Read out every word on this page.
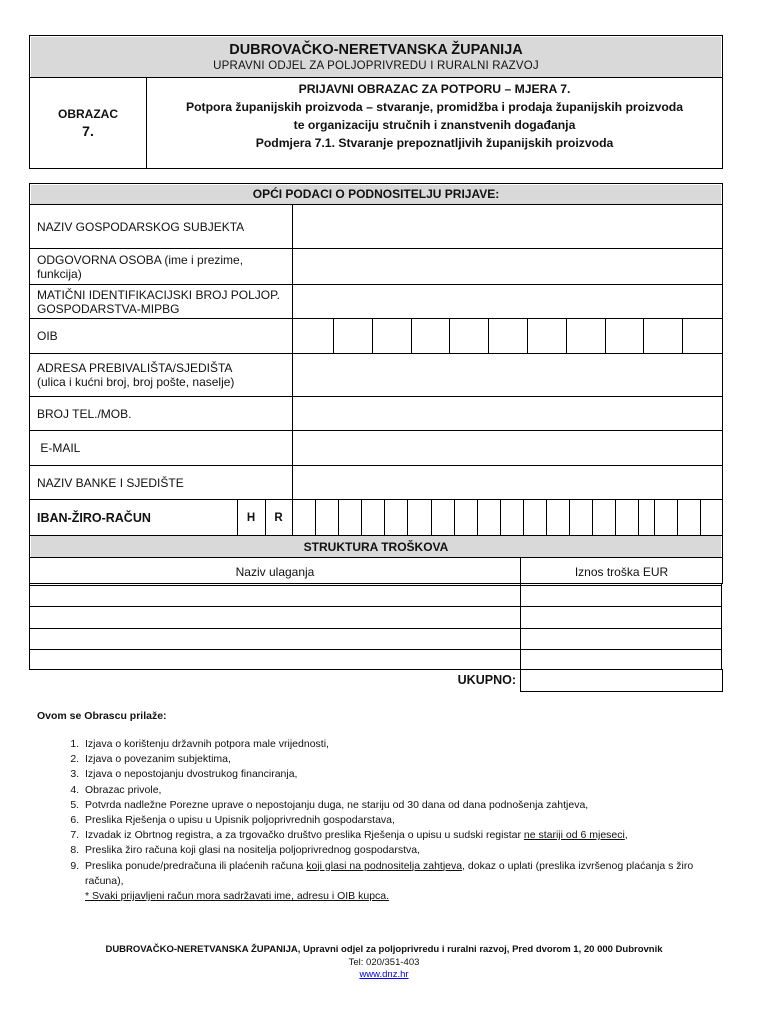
DUBROVAČKO-NERETVANSKA ŽUPANIJA
UPRAVNI ODJEL ZA POLJOPRIVREDU I RURALNI RAZVOJ
OBRAZAC
7.
PRIJAVNI OBRAZAC ZA POTPORU – MJERA 7.
Potpora županijskih proizvoda – stvaranje, promidžba i prodaja županijskih proizvoda
te organizaciju stručnih i znanstvenih događanja
Podmjera 7.1. Stvaranje prepoznatljivih županijskih proizvoda
OPĆI PODACI O PODNOSITELJU PRIJAVE:
NAZIV GOSPODARSKOG SUBJEKTA
ODGOVORNA OSOBA (ime i prezime,
funkcija)
MATIČNI IDENTIFIKACIJSKI BROJ POLJOP.
GOSPODARSTVA-MIPBG
OIB
ADRESA PREBIVALIŠTA/SJEDIŠTA
(ulica i kućni broj, broj pošte, naselje)
BROJ TEL./MOB.
E-MAIL
NAZIV BANKE I SJEDIŠTE
IBAN-ŽIRO-RAČUN	H	R
STRUKTURA TROŠKOVA
Naziv ulaganja	Iznos troška EUR
UKUPNO:
Ovom se Obrascu prilaže:
1. Izjava o korištenju državnih potpora male vrijednosti,
2. Izjava o povezanim subjektima,
3. Izjava o nepostojanju dvostrukog financiranja,
4. Obrazac privole,
5. Potvrda nadležne Porezne uprave o nepostojanju duga, ne stariju od 30 dana od dana podnošenja zahtjeva,
6. Preslika Rješenja o upisu u Upisnik poljoprivrednih gospodarstava,
7. Izvadak iz Obrtnog registra, a za trgovačko društvo preslika Rješenja o upisu u sudski registar ne stariji od 6 mjeseci,
8. Preslika žiro računa koji glasi na nositelja poljoprivrednog gospodarstva,
9. Preslika ponude/predračuna ili plaćenih računa koji glasi na podnositelja zahtjeva, dokaz o uplati (preslika izvršenog plaćanja s žiro računa),
* Svaki prijavljeni račun mora sadržavati ime, adresu i OIB kupca.
DUBROVAČKO-NERETVANSKA ŽUPANIJA, Upravni odjel za poljoprivredu i ruralni razvoj, Pred dvorom 1, 20 000 Dubrovnik
Tel: 020/351-403
www.dnz.hr
